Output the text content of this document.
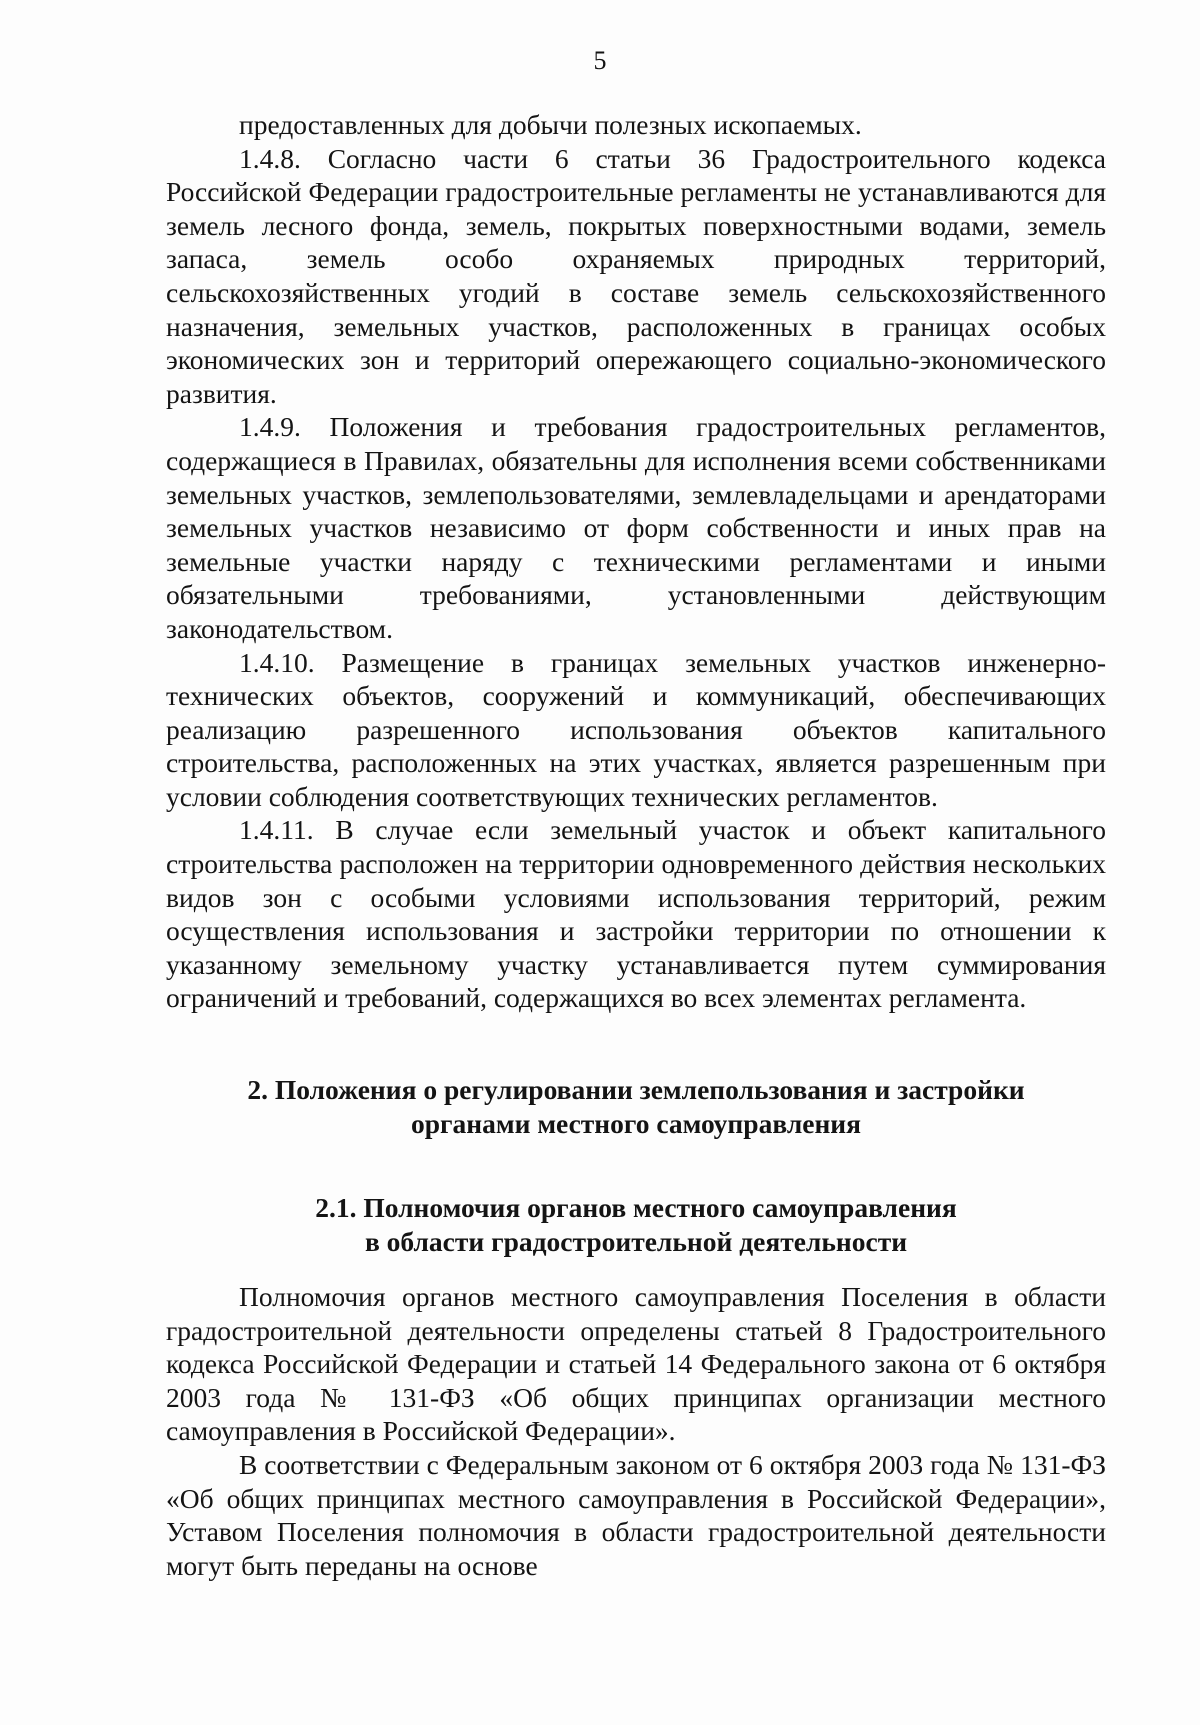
5

предоставленных для добычи полезных ископаемых.

1.4.8. Согласно части 6 статьи 36 Градостроительного кодекса Российской Федерации градостроительные регламенты не устанавливаются для земель лесного фонда, земель, покрытых поверхностными водами, земель запаса, земель особо охраняемых природных территорий, сельскохозяйственных угодий в составе земель сельскохозяйственного назначения, земельных участков, расположенных в границах особых экономических зон и территорий опережающего социально-экономического развития.

1.4.9. Положения и требования градостроительных регламентов, содержащиеся в Правилах, обязательны для исполнения всеми собственниками земельных участков, землепользователями, землевладельцами и арендаторами земельных участков независимо от форм собственности и иных прав на земельные участки наряду с техническими регламентами и иными обязательными требованиями, установленными действующим законодательством.

1.4.10. Размещение в границах земельных участков инженерно-технических объектов, сооружений и коммуникаций, обеспечивающих реализацию разрешенного использования объектов капитального строительства, расположенных на этих участках, является разрешенным при условии соблюдения соответствующих технических регламентов.

1.4.11. В случае если земельный участок и объект капитального строительства расположен на территории одновременного действия нескольких видов зон с особыми условиями использования территорий, режим осуществления использования и застройки территории по отношении к указанному земельному участку устанавливается путем суммирования ограничений и требований, содержащихся во всех элементах регламента.

2. Положения о регулировании землепользования и застройки

органами местного самоуправления

2.1. Полномочия органов местного самоуправления

в области градостроительной деятельности

Полномочия органов местного самоуправления Поселения в области градостроительной деятельности определены статьей 8 Градостроительного кодекса Российской Федерации и статьей 14 Федерального закона от 6 октября 2003 года № 131-ФЗ «Об общих принципах организации местного самоуправления в Российской Федерации».

В соответствии с Федеральным законом от 6 октября 2003 года № 131-ФЗ «Об общих принципах местного самоуправления в Российской Федерации», Уставом Поселения полномочия в области градостроительной деятельности могут быть переданы на основе
